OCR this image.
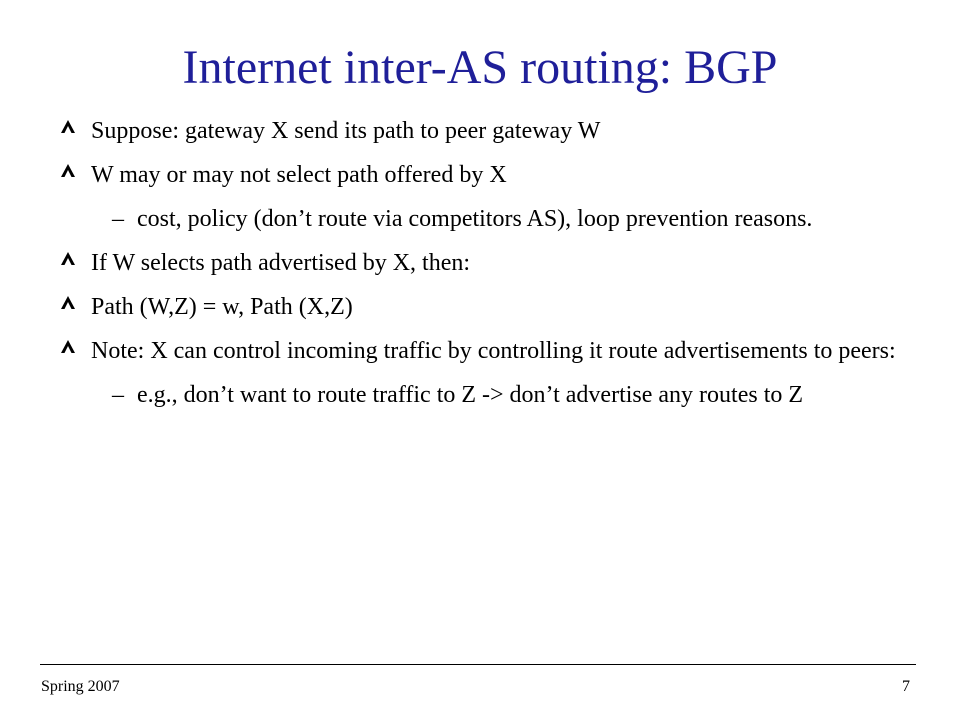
Internet inter-AS routing: BGP
Suppose: gateway X send its path to peer gateway W
W may or may not select path offered by X
– cost, policy (don’t route via competitors AS), loop prevention reasons.
If W selects path advertised by X, then:
Path (W,Z) = w, Path (X,Z)
Note: X can control incoming traffic by controlling it route advertisements to peers:
– e.g., don’t want to route traffic to Z -> don’t advertise any routes to Z
Spring 2007	7
